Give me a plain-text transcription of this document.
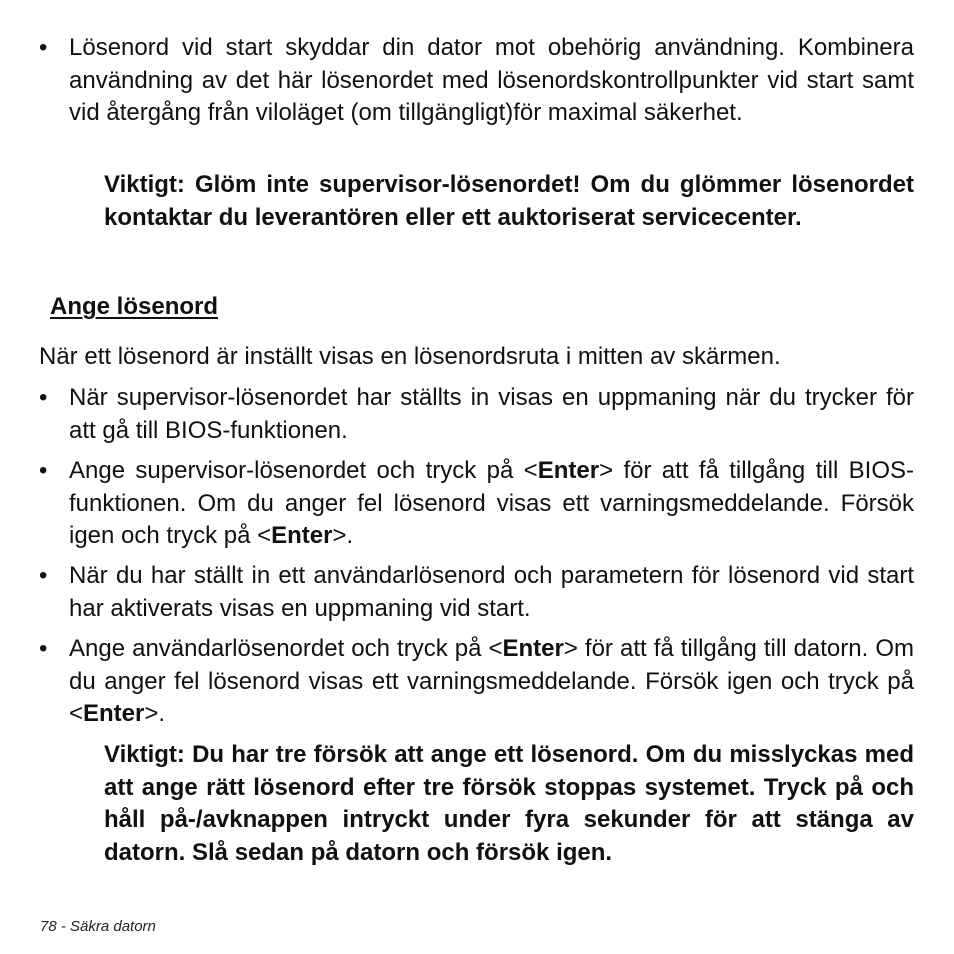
• Lösenord vid start skyddar din dator mot obehörig användning. Kombinera användning av det här lösenordet med lösenordskontrollpunkter vid start samt vid återgång från viloläget (om tillgängligt)för maximal säkerhet.

Viktigt: Glöm inte supervisor-lösenordet! Om du glömmer lösenordet kontaktar du leverantören eller ett auktoriserat servicecenter.

Ange lösenord

När ett lösenord är inställt visas en lösenordsruta i mitten av skärmen.

• När supervisor-lösenordet har ställts in visas en uppmaning när du trycker för att gå till BIOS-funktionen.

• Ange supervisor-lösenordet och tryck på <Enter> för att få tillgång till BIOS-funktionen. Om du anger fel lösenord visas ett varningsmeddelande. Försök igen och tryck på <Enter>.

• När du har ställt in ett användarlösenord och parametern för lösenord vid start har aktiverats visas en uppmaning vid start.

• Ange användarlösenordet och tryck på <Enter> för att få tillgång till datorn. Om du anger fel lösenord visas ett varningsmeddelande. Försök igen och tryck på <Enter>.

Viktigt: Du har tre försök att ange ett lösenord. Om du misslyckas med att ange rätt lösenord efter tre försök stoppas systemet. Tryck på och håll på-/avknappen intryckt under fyra sekunder för att stänga av datorn. Slå sedan på datorn och försök igen.

78 - Säkra datorn
